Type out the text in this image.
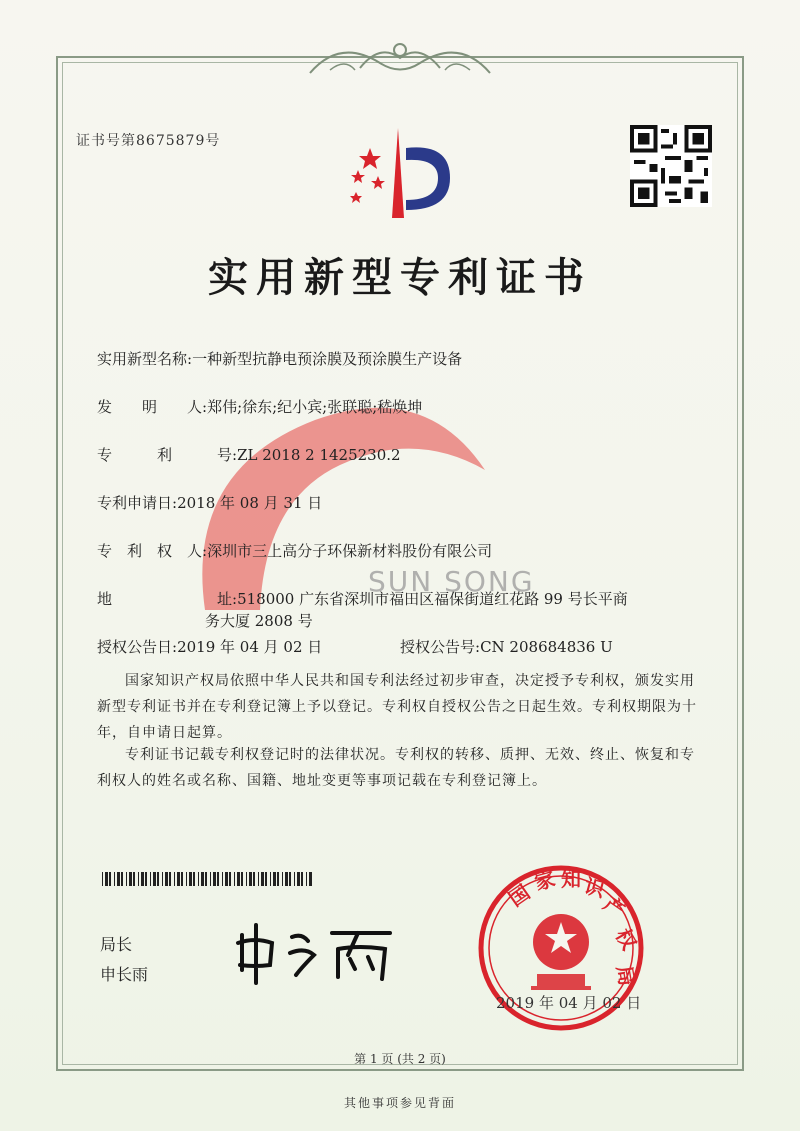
证书号第8675879号
实用新型专利证书
SUN SONG
实用新型名称:一种新型抗静电预涂膜及预涂膜生产设备
发　　明　　人:郑伟;徐东;纪小宾;张联聪;嵇焕坤
专　　　利　　　号:ZL 2018 2 1425230.2
专利申请日:2018 年 08 月 31 日
专　利　权　人:深圳市三上高分子环保新材料股份有限公司
地　　　　　　　址:518000 广东省深圳市福田区福保街道红花路 99 号长平商
务大厦 2808 号
授权公告日:2019 年 04 月 02 日	授权公告号:CN 208684836 U
国家知识产权局依照中华人民共和国专利法经过初步审查，决定授予专利权，颁发实用新型专利证书并在专利登记簿上予以登记。专利权自授权公告之日起生效。专利权期限为十年，自申请日起算。
专利证书记载专利权登记时的法律状况。专利权的转移、质押、无效、终止、恢复和专利权人的姓名或名称、国籍、地址变更等事项记载在专利登记簿上。
局长
申长雨
国
家 知 识
产
权
局
2019 年 04 月 02 日
第 1 页 (共 2 页)
其他事项参见背面
